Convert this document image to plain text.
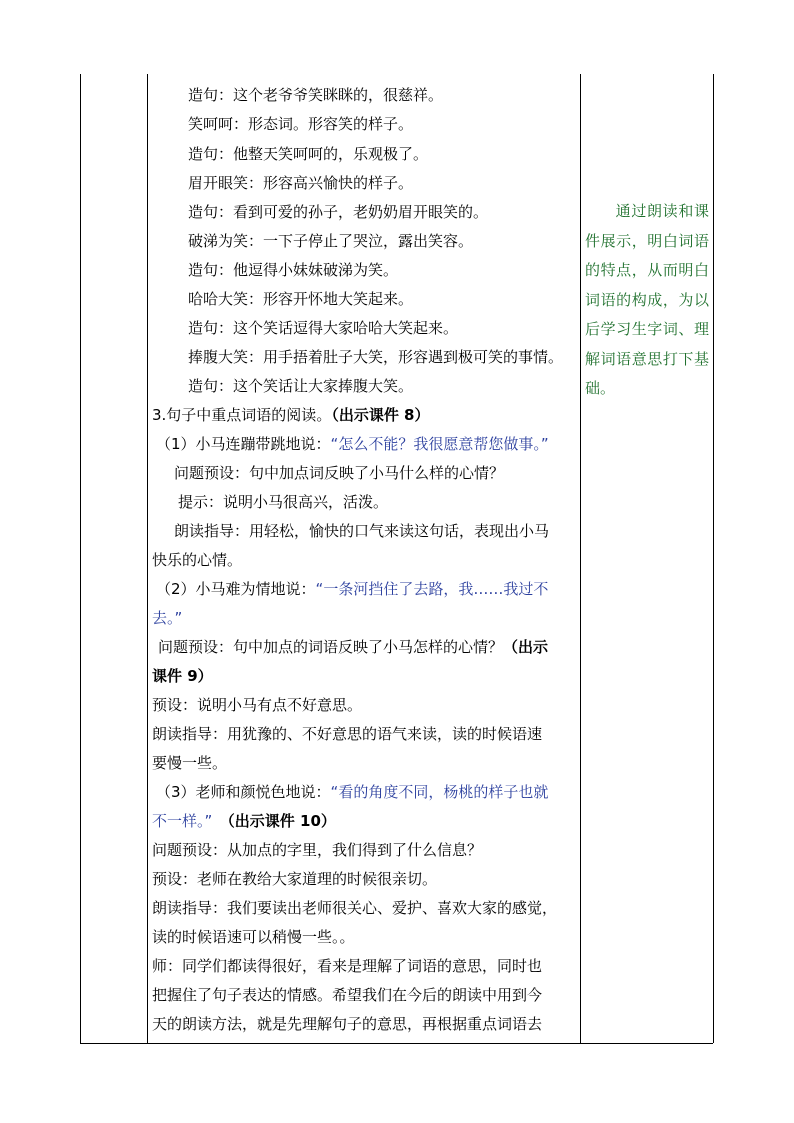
造句：这个老爷爷笑眯眯的，很慈祥。
笑呵呵：形态词。形容笑的样子。
造句：他整天笑呵呵的，乐观极了。
眉开眼笑：形容高兴愉快的样子。
造句：看到可爱的孙子，老奶奶眉开眼笑的。
破涕为笑：一下子停止了哭泣，露出笑容。
造句：他逗得小妹妹破涕为笑。
哈哈大笑：形容开怀地大笑起来。
造句：这个笑话逗得大家哈哈大笑起来。
捧腹大笑：用手捂着肚子大笑，形容遇到极可笑的事情。
造句：这个笑话让大家捧腹大笑。
3.句子中重点词语的阅读。（出示课件 8）
（1）小马连蹦带跳地说：“怎么不能？我很愿意帮您做事。”
问题预设：句中加点词反映了小马什么样的心情？
提示：说明小马很高兴，活泼。
朗读指导：用轻松，愉快的口气来读这句话，表现出小马
快乐的心情。
（2）小马难为情地说：“一条河挡住了去路，我……我过不
去。”
问题预设：句中加点的词语反映了小马怎样的心情？（出示
课件 9）
预设：说明小马有点不好意思。
朗读指导：用犹豫的、不好意思的语气来读，读的时候语速
要慢一些。
（3）老师和颜悦色地说：“看的角度不同，杨桃的样子也就
不一样。”　 （出示课件 10）
问题预设：从加点的字里，我们得到了什么信息？
预设：老师在教给大家道理的时候很亲切。
朗读指导：我们要读出老师很关心、爱护、喜欢大家的感觉，
读的时候语速可以稍慢一些。。
师：同学们都读得很好，看来是理解了词语的意思，同时也
把握住了句子表达的情感。希望我们在今后的朗读中用到今
天的朗读方法，就是先理解句子的意思，再根据重点词语去
通过朗读和课件展示，明白词语的特点，从而明白词语的构成，为以后学习生字词、理解词语意思打下基础。
